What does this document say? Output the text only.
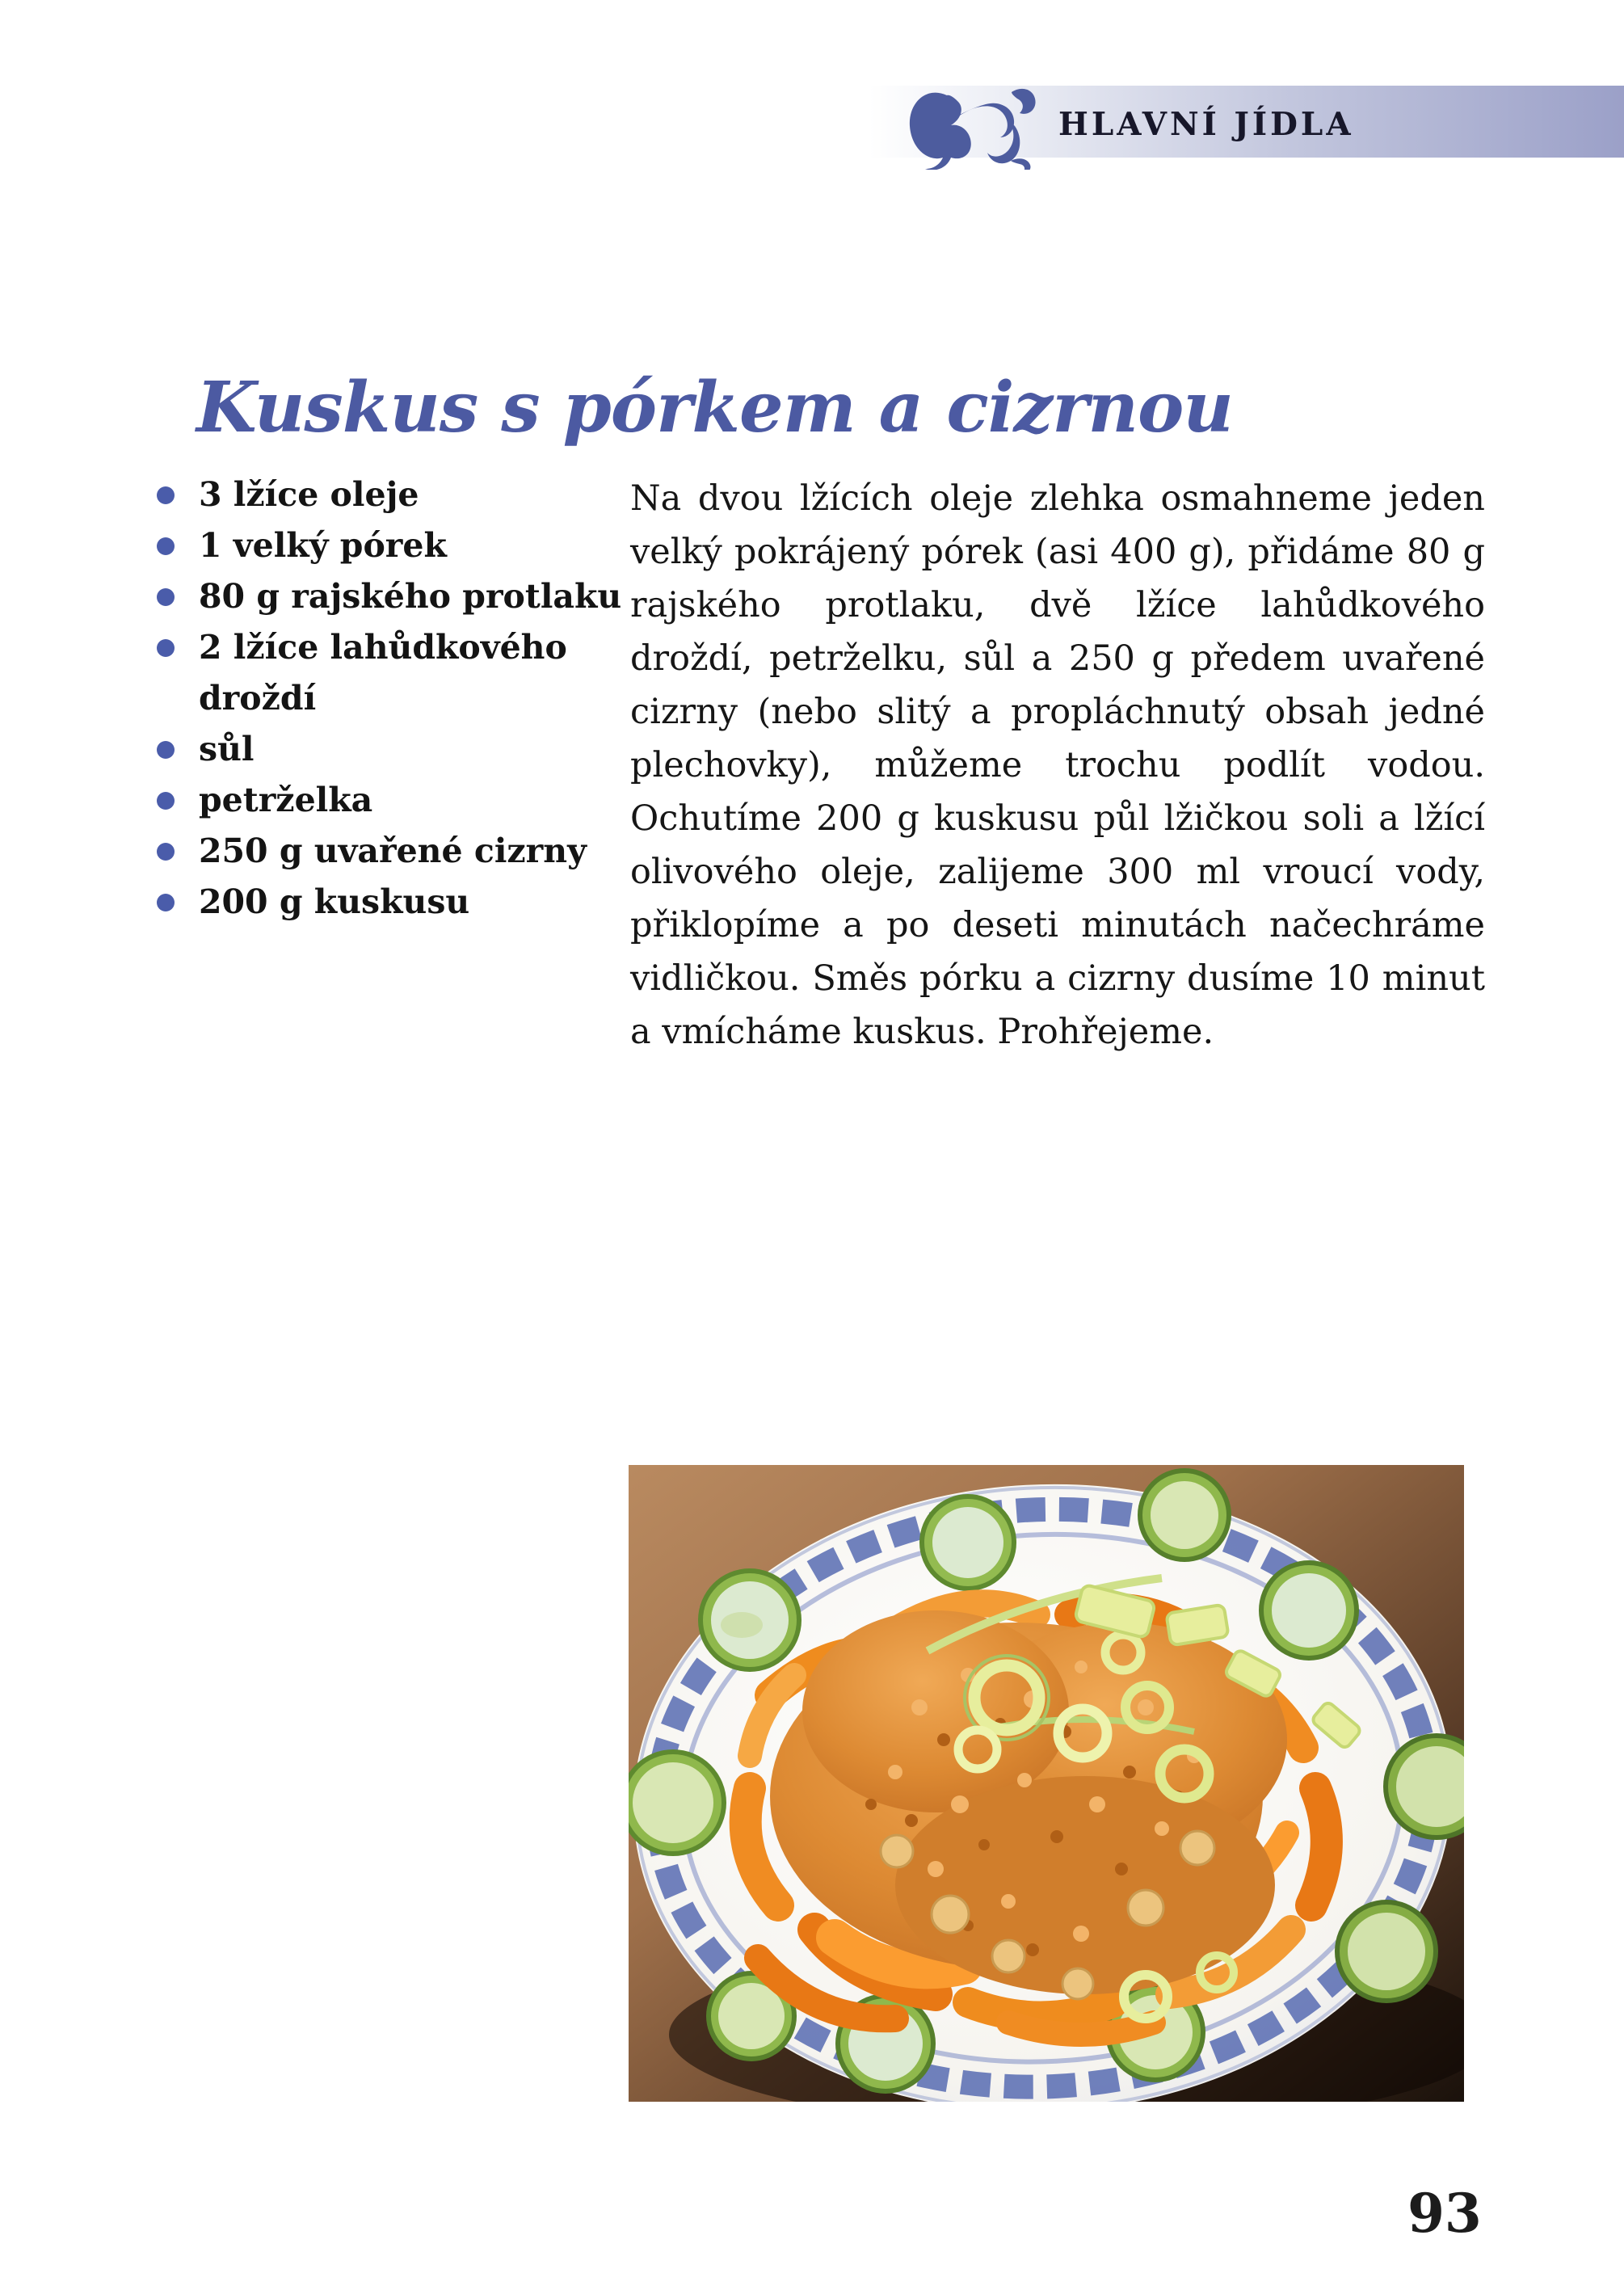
HLAVNÍ JÍDLA
Kuskus s pórkem a cizrnou
3 lžíce oleje
1 velký pórek
80 g rajského protlaku
2 lžíce lahůdkového droždí
sůl
petrželka
250 g uvařené cizrny
200 g kuskusu

Na dvou lžících oleje zlehka osmahneme jeden velký pokrájený pórek (asi 400 g), přidáme 80 g rajského protlaku, dvě lžíce lahůdkového droždí, petrželku, sůl a 250 g předem uvařené cizrny (nebo slitý a propláchnutý obsah jedné plechovky), můžeme trochu podlít vodou. Ochutíme 200 g kuskusu půl lžičkou soli a lžící olivového oleje, zalijeme 300 ml vroucí vody, přiklopíme a po deseti minutách načechráme vidličkou. Směs pórku a cizrny dusíme 10 minut a vmícháme kuskus. Prohřejeme.

93
